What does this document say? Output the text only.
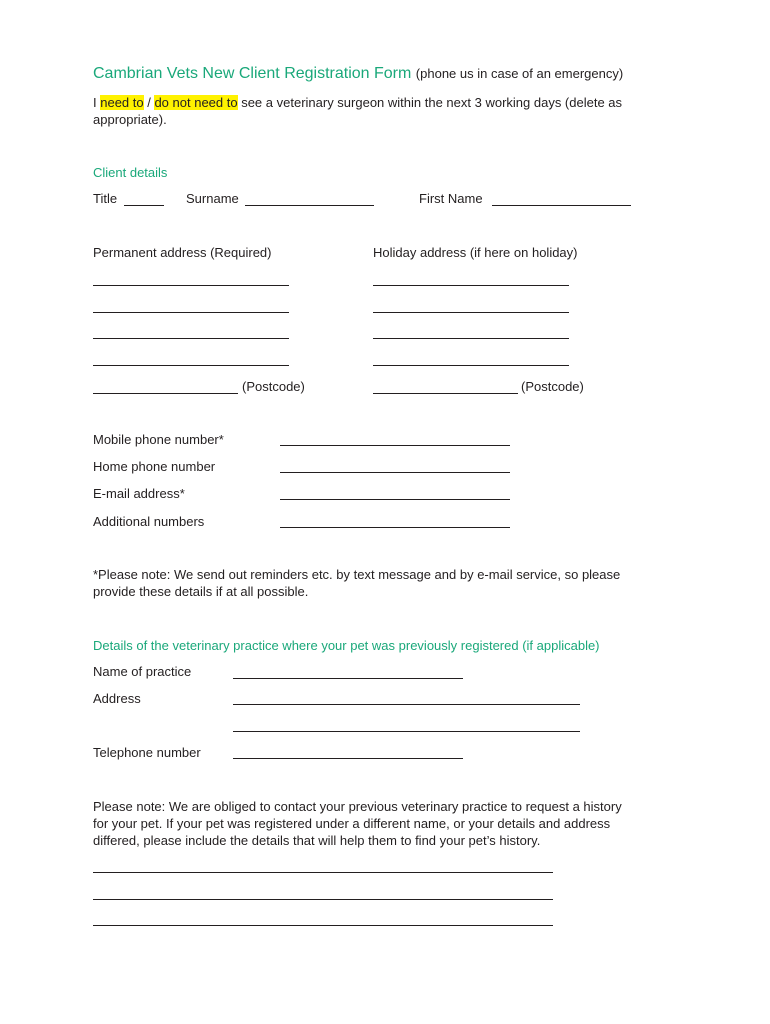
Cambrian Vets New Client Registration Form (phone us in case of an emergency)
I need to / do not need to see a veterinary surgeon within the next 3 working days (delete as
appropriate).
Client details
Title	Surname	First Name
Permanent address (Required)	Holiday address (if here on holiday)
(Postcode)	(Postcode)
Mobile phone number*
Home phone number
E-mail address*
Additional numbers
*Please note: We send out reminders etc. by text message and by e-mail service, so please
provide these details if at all possible.
Details of the veterinary practice where your pet was previously registered (if applicable)
Name of practice
Address
Telephone number
Please note: We are obliged to contact your previous veterinary practice to request a history
for your pet. If your pet was registered under a different name, or your details and address
differed, please include the details that will help them to find your pet’s history.
